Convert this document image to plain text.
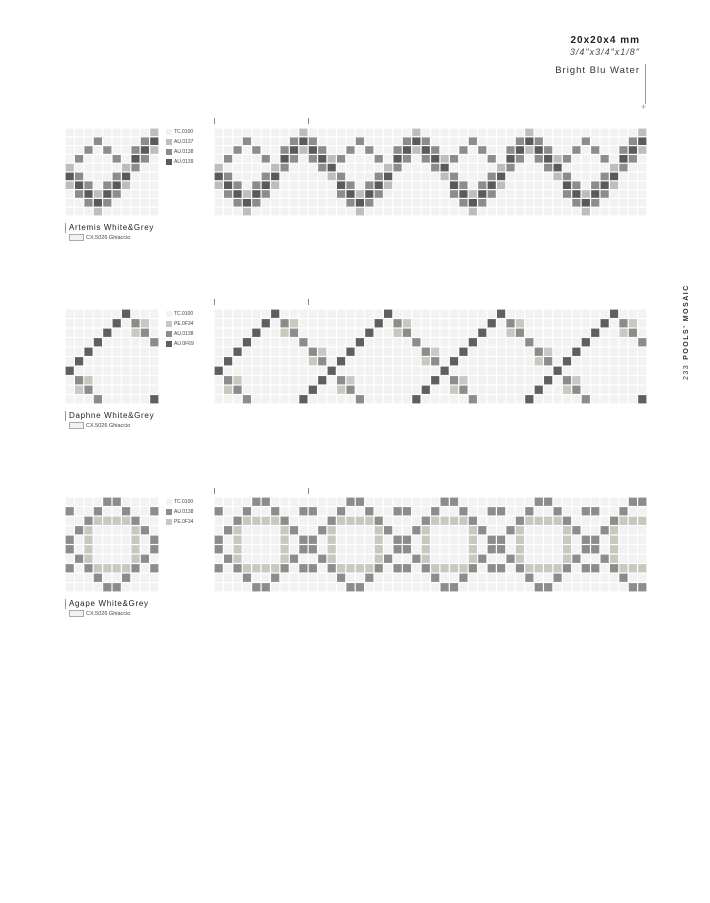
20x20x4 mm
3/4"x3/4"x1/8"
Bright Blu Water
+
233POOLS' MOSAIC
TC.0100
AU.0137
AU.0138
AU.0139
Artemis White&Grey
CX.5026 Ghiaccio
TC.0100
PE.0F34
AU.0138
AU.0F69
Daphne White&Grey
CX.5026 Ghiaccio
TC.0100
AU.0138
PE.0F34
Agape White&Grey
CX.5026 Ghiaccio
